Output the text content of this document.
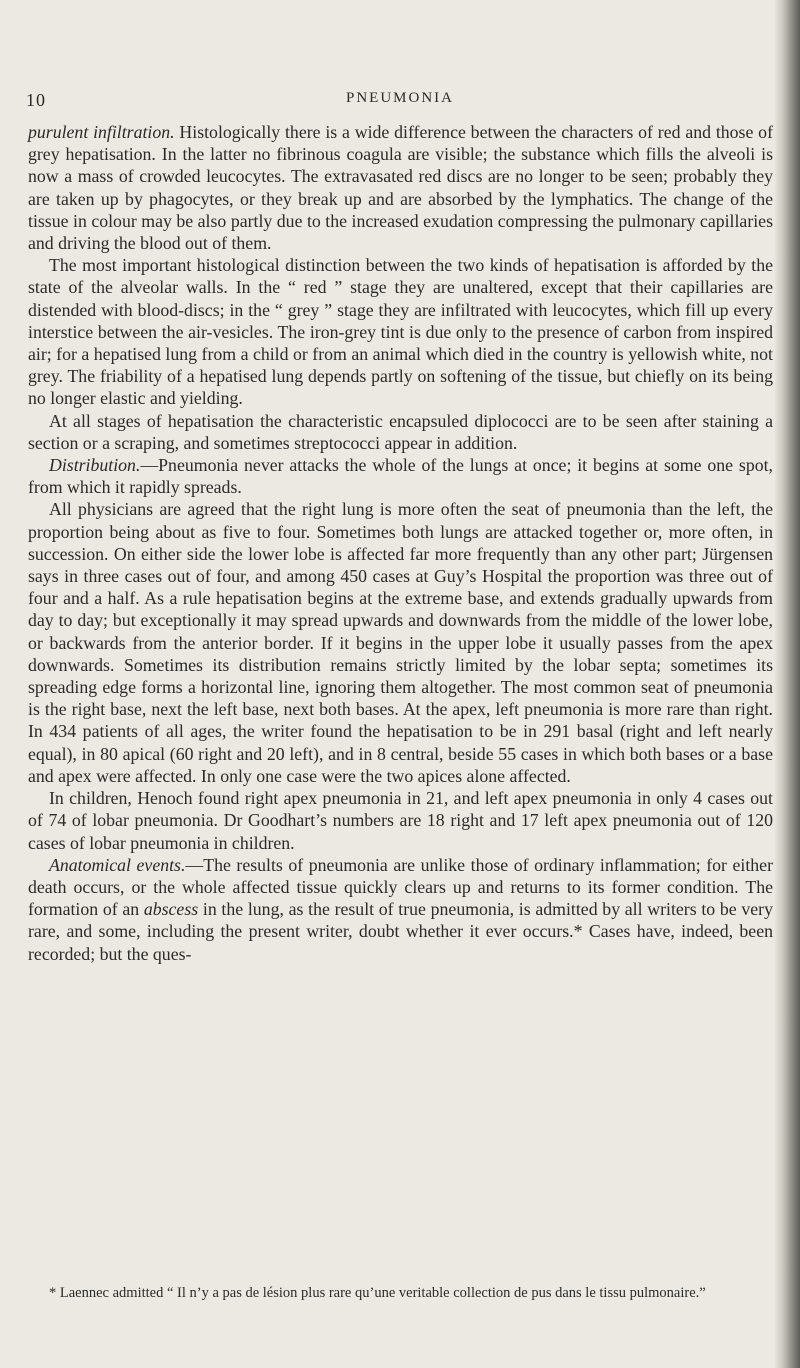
10	PNEUMONIA

purulent infiltration. Histologically there is a wide difference between the characters of red and those of grey hepatisation. In the latter no fibrinous coagula are visible; the substance which fills the alveoli is now a mass of crowded leucocytes. The extravasated red discs are no longer to be seen; probably they are taken up by phagocytes, or they break up and are absorbed by the lymphatics. The change of the tissue in colour may be also partly due to the increased exudation compressing the pulmonary capillaries and driving the blood out of them.

The most important histological distinction between the two kinds of hepatisation is afforded by the state of the alveolar walls. In the “ red ” stage they are unaltered, except that their capillaries are distended with blood-discs; in the “ grey ” stage they are infiltrated with leucocytes, which fill up every interstice between the air-vesicles. The iron-grey tint is due only to the presence of carbon from inspired air; for a hepatised lung from a child or from an animal which died in the country is yellowish white, not grey. The friability of a hepatised lung depends partly on softening of the tissue, but chiefly on its being no longer elastic and yielding.

At all stages of hepatisation the characteristic encapsuled diplococci are to be seen after staining a section or a scraping, and sometimes streptococci appear in addition.

Distribution.—Pneumonia never attacks the whole of the lungs at once; it begins at some one spot, from which it rapidly spreads.

All physicians are agreed that the right lung is more often the seat of pneumonia than the left, the proportion being about as five to four. Sometimes both lungs are attacked together or, more often, in succession. On either side the lower lobe is affected far more frequently than any other part; Jürgensen says in three cases out of four, and among 450 cases at Guy’s Hospital the proportion was three out of four and a half. As a rule hepatisation begins at the extreme base, and extends gradually upwards from day to day; but exceptionally it may spread upwards and downwards from the middle of the lower lobe, or backwards from the anterior border. If it begins in the upper lobe it usually passes from the apex downwards. Sometimes its distribution remains strictly limited by the lobar septa; sometimes its spreading edge forms a horizontal line, ignoring them altogether. The most common seat of pneumonia is the right base, next the left base, next both bases. At the apex, left pneumonia is more rare than right. In 434 patients of all ages, the writer found the hepatisation to be in 291 basal (right and left nearly equal), in 80 apical (60 right and 20 left), and in 8 central, beside 55 cases in which both bases or a base and apex were affected. In only one case were the two apices alone affected.

In children, Henoch found right apex pneumonia in 21, and left apex pneumonia in only 4 cases out of 74 of lobar pneumonia. Dr Goodhart’s numbers are 18 right and 17 left apex pneumonia out of 120 cases of lobar pneumonia in children.

Anatomical events.—The results of pneumonia are unlike those of ordinary inflammation; for either death occurs, or the whole affected tissue quickly clears up and returns to its former condition. The formation of an abscess in the lung, as the result of true pneumonia, is admitted by all writers to be very rare, and some, including the present writer, doubt whether it ever occurs.* Cases have, indeed, been recorded; but the ques-

* Laennec admitted “ Il n’y a pas de lésion plus rare qu’une veritable collection de pus dans le tissu pulmonaire.”
